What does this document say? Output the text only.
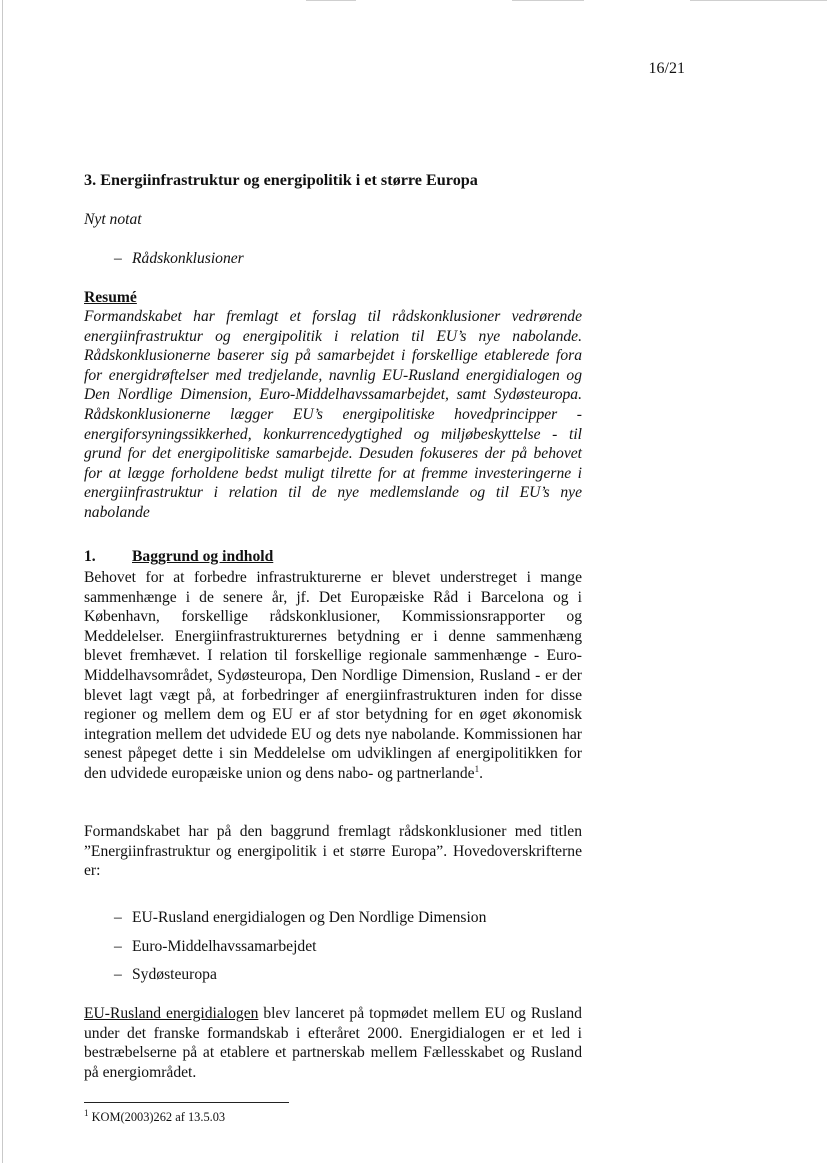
16/21
3. Energiinfrastruktur og energipolitik i et større Europa

Nyt notat

– Rådskonklusioner

Resumé

Formandskabet har fremlagt et forslag til rådskonklusioner vedrørende energiinfrastruktur og energipolitik i relation til EU’s nye nabolande. Rådskonklusionerne baserer sig på samarbejdet i forskellige etablerede fora for energidrøftelser med tredjelande, navnlig EU-Rusland energidialogen og Den Nordlige Dimension, Euro-Middelhavssamarbejdet, samt Sydøsteuropa. Rådskonklusionerne lægger EU’s energipolitiske hovedprincipper - energiforsyningssikkerhed, konkurrencedygtighed og miljøbeskyttelse - til grund for det energipolitiske samarbejde. Desuden fokuseres der på behovet for at lægge forholdene bedst muligt tilrette for at fremme investeringerne i energiinfrastruktur i relation til de nye medlemslande og til EU’s nye nabolande

1. Baggrund og indhold

Behovet for at forbedre infrastrukturerne er blevet understreget i mange sammenhænge i de senere år, jf. Det Europæiske Råd i Barcelona og i København, forskellige rådskonklusioner, Kommissionsrapporter og Meddelelser. Energiinfrastrukturernes betydning er i denne sammenhæng blevet fremhævet. I relation til forskellige regionale sammenhænge - Euro-Middelhavsområdet, Sydøsteuropa, Den Nordlige Dimension, Rusland - er der blevet lagt vægt på, at forbedringer af energiinfrastrukturen inden for disse regioner og mellem dem og EU er af stor betydning for en øget økonomisk integration mellem det udvidede EU og dets nye nabolande. Kommissionen har senest påpeget dette i sin Meddelelse om udviklingen af energipolitikken for den udvidede europæiske union og dens nabo- og partnerlande$^1$.

Formandskabet har på den baggrund fremlagt rådskonklusioner med titlen ”Energiinfrastruktur og energipolitik i et større Europa”. Hovedoverskrifterne er:

– EU-Rusland energidialogen og Den Nordlige Dimension
– Euro-Middelhavssamarbejdet
– Sydøsteuropa

EU-Rusland energidialogen blev lanceret på topmødet mellem EU og Rusland under det franske formandskab i efteråret 2000. Energidialogen er et led i bestræbelserne på at etablere et partnerskab mellem Fællesskabet og Rusland på energiområdet.

$^1$ KOM(2003)262 af 13.5.03
